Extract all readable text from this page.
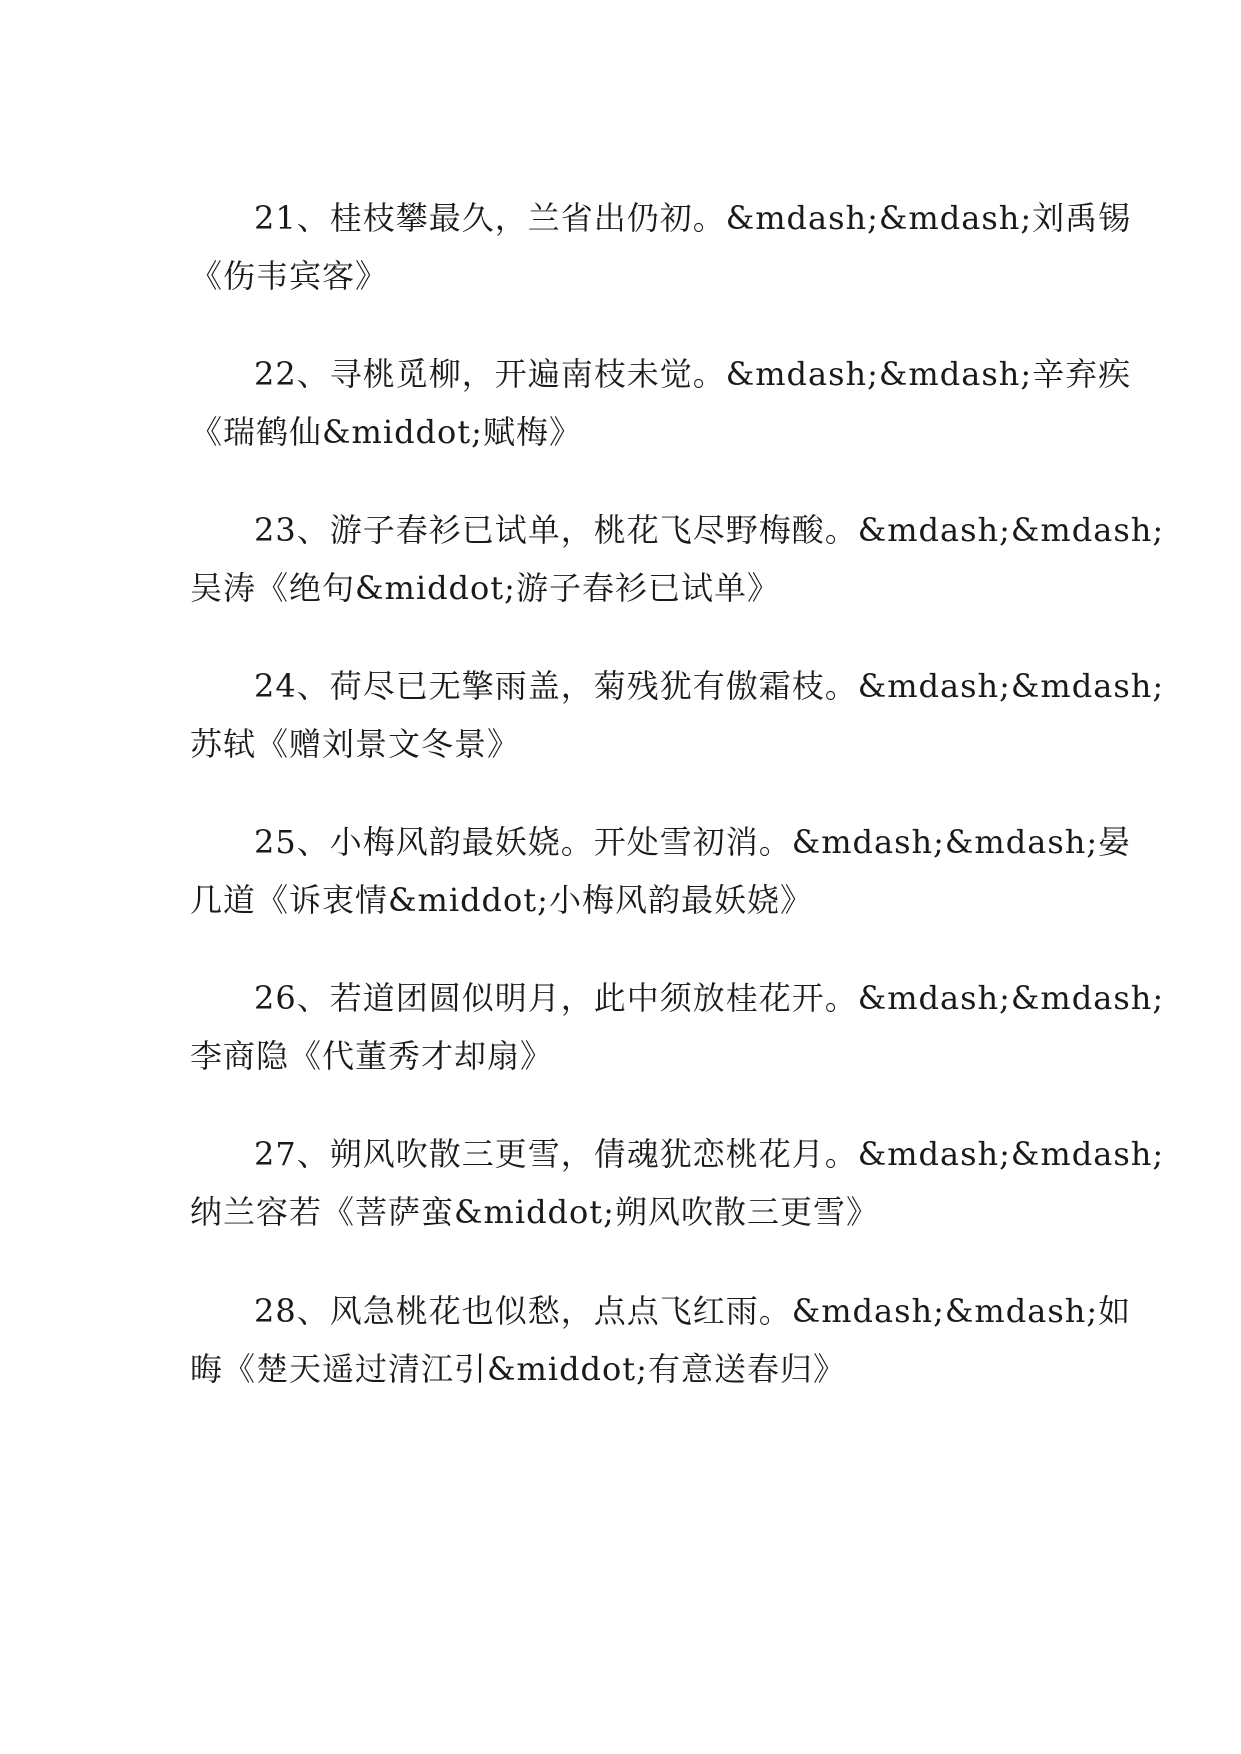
21、桂枝攀最久，兰省出仍初。&mdash;&mdash;刘禹锡

《伤韦宾客》

22、寻桃觅柳，开遍南枝未觉。&mdash;&mdash;辛弃疾

《瑞鹤仙&middot;赋梅》

23、游子春衫已试单，桃花飞尽野梅酸。&mdash;&mdash;

吴涛《绝句&middot;游子春衫已试单》

24、荷尽已无擎雨盖，菊残犹有傲霜枝。&mdash;&mdash;

苏轼《赠刘景文冬景》

25、小梅风韵最妖娆。开处雪初消。&mdash;&mdash;晏

几道《诉衷情&middot;小梅风韵最妖娆》

26、若道团圆似明月，此中须放桂花开。&mdash;&mdash;

李商隐《代董秀才却扇》

27、朔风吹散三更雪，倩魂犹恋桃花月。&mdash;&mdash;

纳兰容若《菩萨蛮&middot;朔风吹散三更雪》

28、风急桃花也似愁，点点飞红雨。&mdash;&mdash;如

晦《楚天遥过清江引&middot;有意送春归》
